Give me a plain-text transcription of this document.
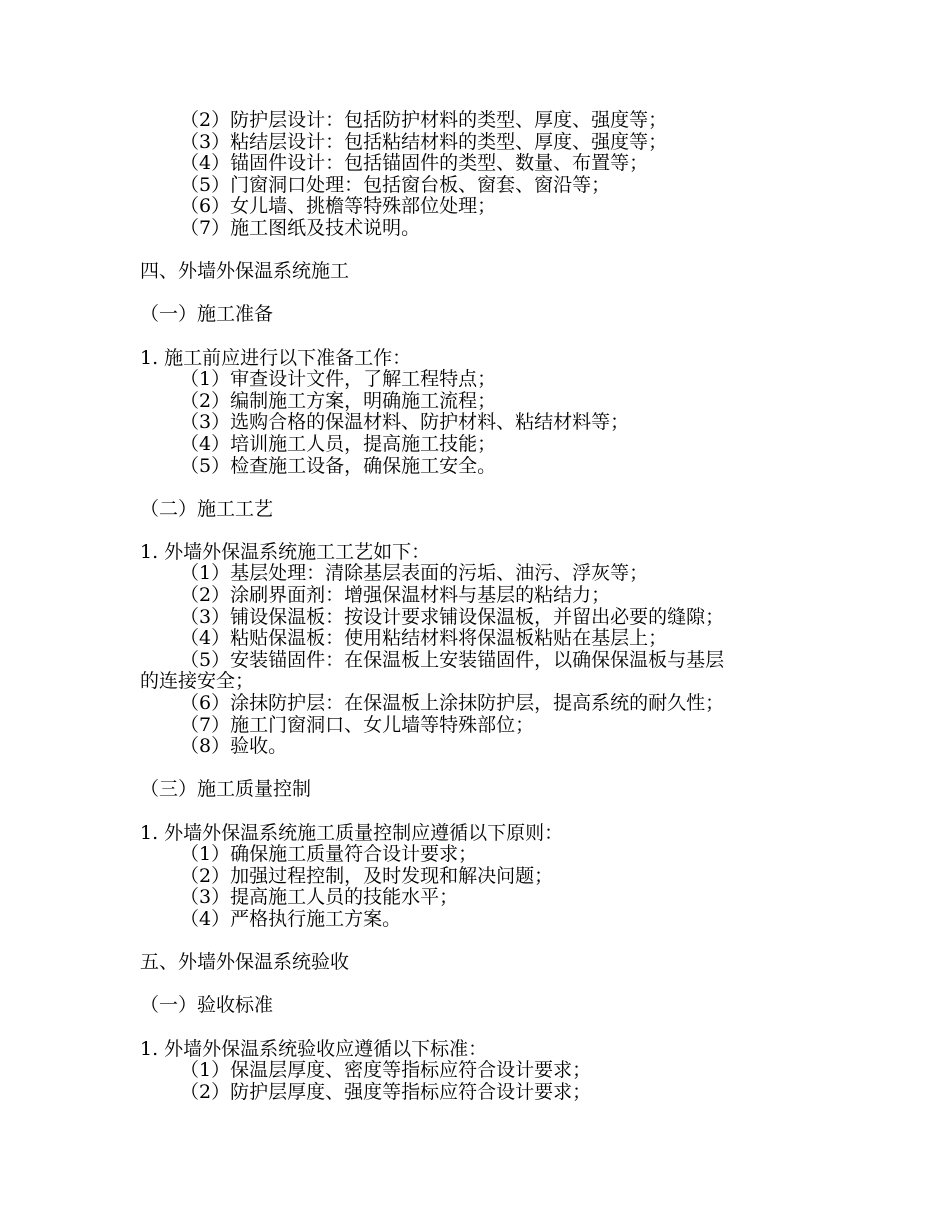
（2）防护层设计：包括防护材料的类型、厚度、强度等；
（3）粘结层设计：包括粘结材料的类型、厚度、强度等；
（4）锚固件设计：包括锚固件的类型、数量、布置等；
（5）门窗洞口处理：包括窗台板、窗套、窗沿等；
（6）女儿墙、挑檐等特殊部位处理；
（7）施工图纸及技术说明。
四、外墙外保温系统施工
（一）施工准备
1. 施工前应进行以下准备工作：
（1）审查设计文件，了解工程特点；
（2）编制施工方案，明确施工流程；
（3）选购合格的保温材料、防护材料、粘结材料等；
（4）培训施工人员，提高施工技能；
（5）检查施工设备，确保施工安全。
（二）施工工艺
1. 外墙外保温系统施工工艺如下：
（1）基层处理：清除基层表面的污垢、油污、浮灰等；
（2）涂刷界面剂：增强保温材料与基层的粘结力；
（3）铺设保温板：按设计要求铺设保温板，并留出必要的缝隙；
（4）粘贴保温板：使用粘结材料将保温板粘贴在基层上；
（5）安装锚固件：在保温板上安装锚固件，以确保保温板与基层
的连接安全；
（6）涂抹防护层：在保温板上涂抹防护层，提高系统的耐久性；
（7）施工门窗洞口、女儿墙等特殊部位；
（8）验收。
（三）施工质量控制
1. 外墙外保温系统施工质量控制应遵循以下原则：
（1）确保施工质量符合设计要求；
（2）加强过程控制，及时发现和解决问题；
（3）提高施工人员的技能水平；
（4）严格执行施工方案。
五、外墙外保温系统验收
（一）验收标准
1. 外墙外保温系统验收应遵循以下标准：
（1）保温层厚度、密度等指标应符合设计要求；
（2）防护层厚度、强度等指标应符合设计要求；
